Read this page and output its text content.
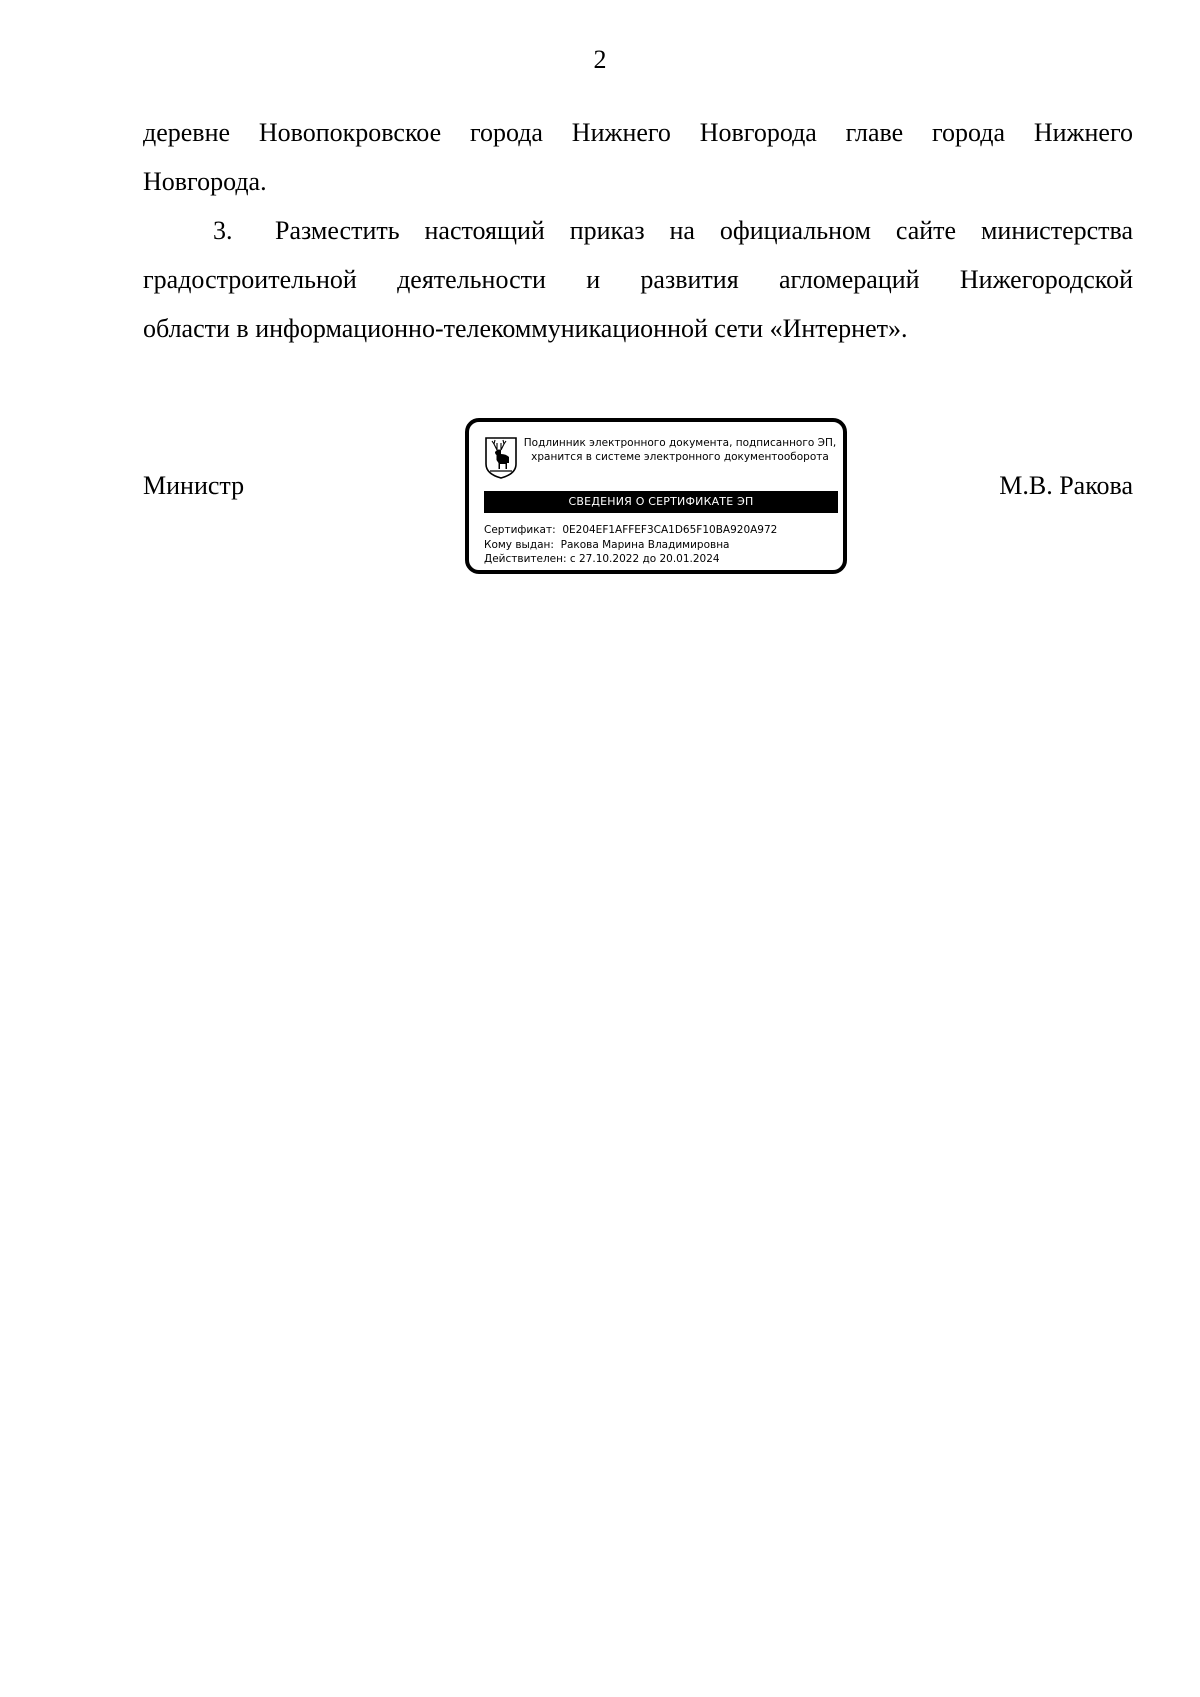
2
деревне Новопокровское города Нижнего Новгорода главе города Нижнего
Новгорода.
3. Разместить настоящий приказ на официальном сайте министерства
градостроительной деятельности и развития агломераций Нижегородской
области в информационно-телекоммуникационной сети «Интернет».
Министр	М.В. Ракова
Подлинник электронного документа, подписанного ЭП,
хранится в системе электронного документооборота
СВЕДЕНИЯ О СЕРТИФИКАТЕ ЭП
Сертификат: 0E204EF1AFFEF3CA1D65F10BA920A972
Кому выдан: Ракова Марина Владимировна
Действителен: с 27.10.2022 до 20.01.2024
